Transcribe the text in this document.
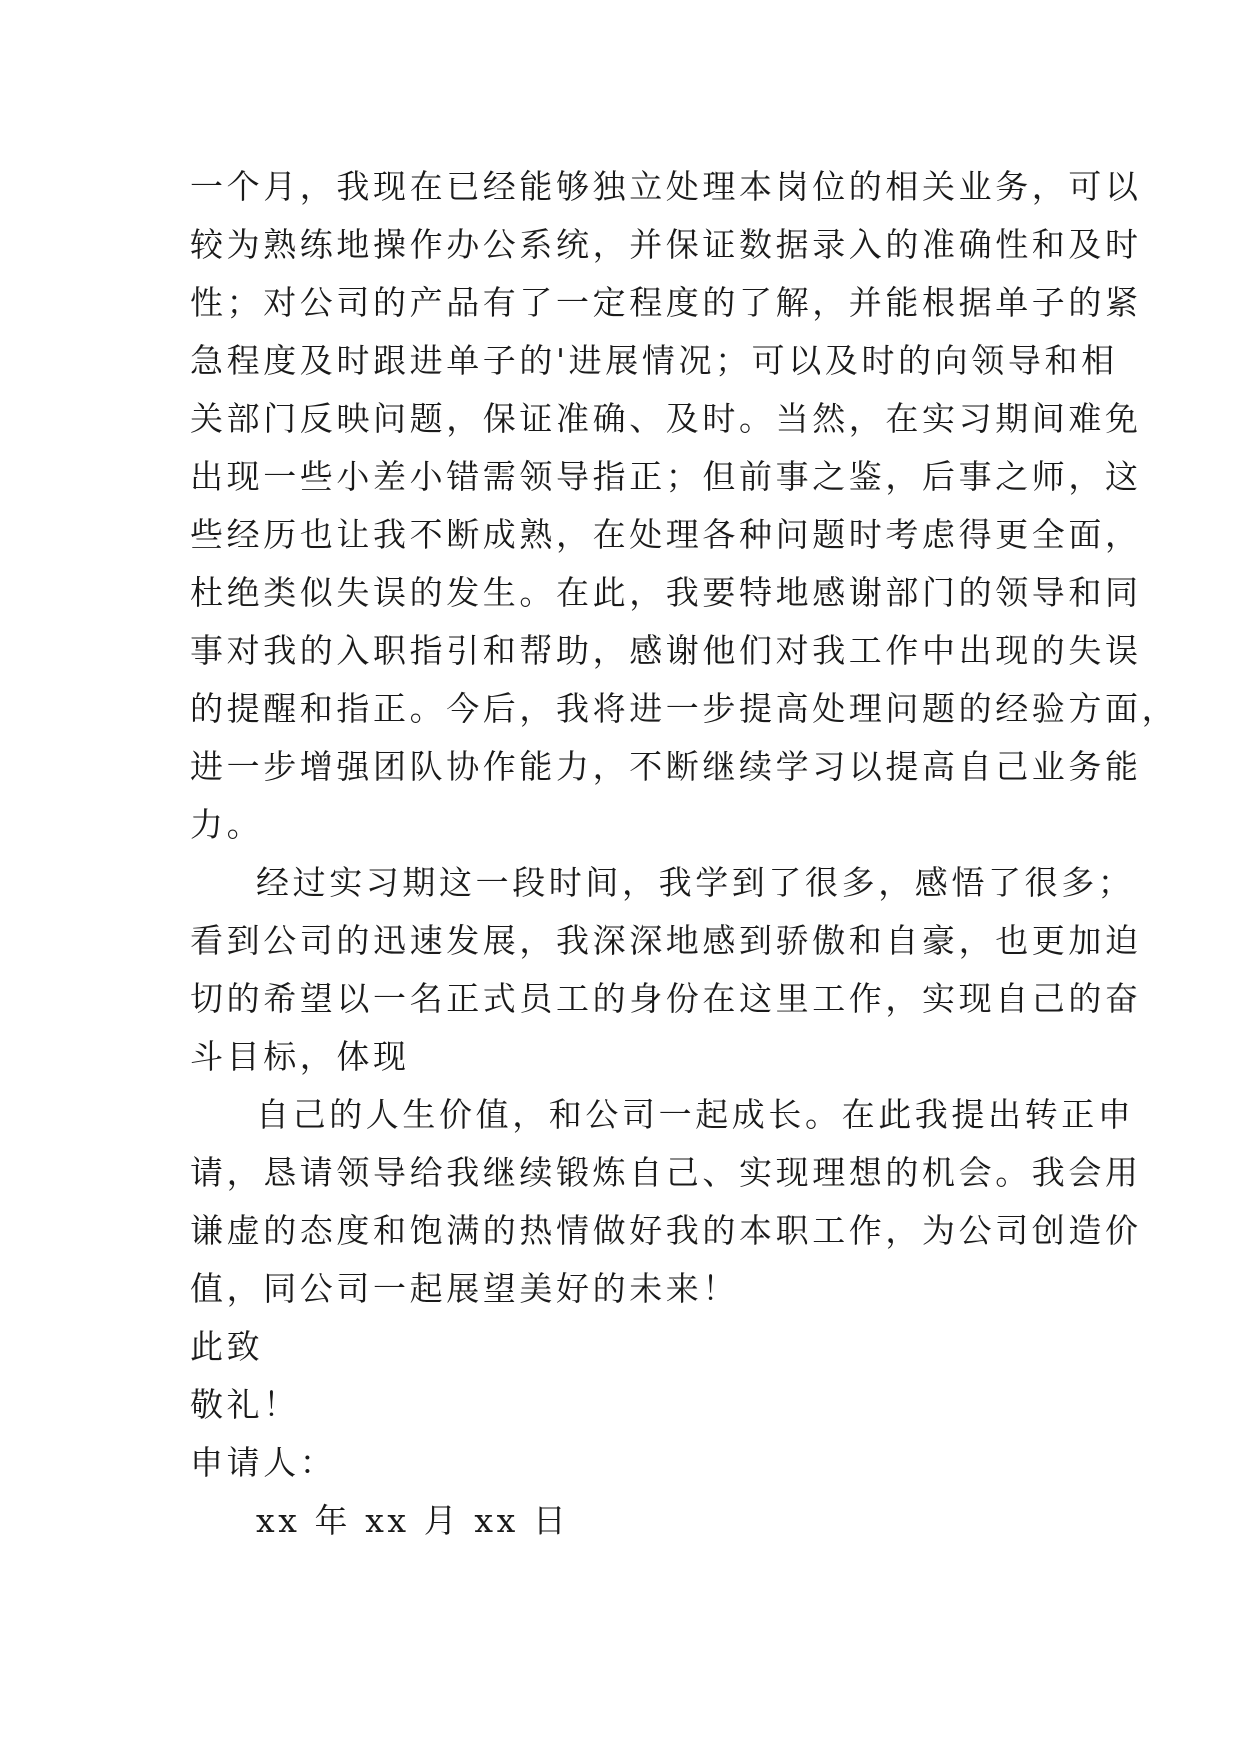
一个月，我现在已经能够独立处理本岗位的相关业务，可以
较为熟练地操作办公系统，并保证数据录入的准确性和及时
性；对公司的产品有了一定程度的了解，并能根据单子的紧
急程度及时跟进单子的'进展情况；可以及时的向领导和相
关部门反映问题，保证准确、及时。当然，在实习期间难免
出现一些小差小错需领导指正；但前事之鉴，后事之师，这
些经历也让我不断成熟，在处理各种问题时考虑得更全面，
杜绝类似失误的发生。在此，我要特地感谢部门的领导和同
事对我的入职指引和帮助，感谢他们对我工作中出现的失误
的提醒和指正。今后，我将进一步提高处理问题的经验方面，
进一步增强团队协作能力，不断继续学习以提高自己业务能
力。
经过实习期这一段时间，我学到了很多，感悟了很多；
看到公司的迅速发展，我深深地感到骄傲和自豪，也更加迫
切的希望以一名正式员工的身份在这里工作，实现自己的奋
斗目标，体现
自己的人生价值，和公司一起成长。在此我提出转正申
请，恳请领导给我继续锻炼自己、实现理想的机会。我会用
谦虚的态度和饱满的热情做好我的本职工作，为公司创造价
值，同公司一起展望美好的未来！
此致
敬礼！
申请人：
xx 年 xx 月 xx 日
